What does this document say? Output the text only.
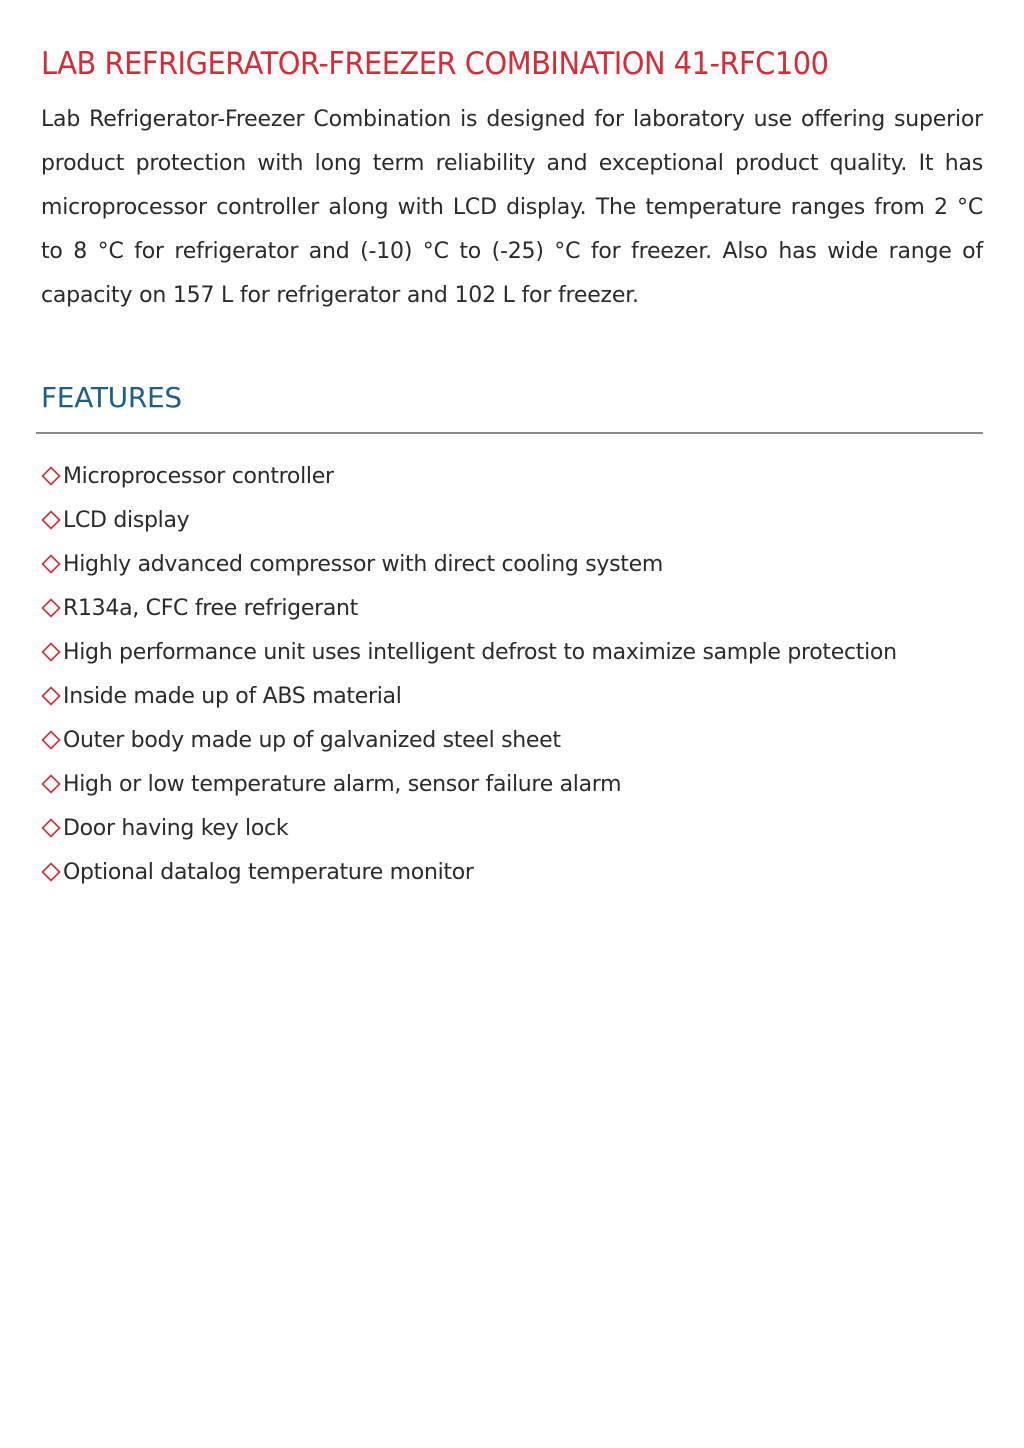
LAB REFRIGERATOR-FREEZER COMBINATION 41-RFC100

Lab Refrigerator-Freezer Combination is designed for laboratory use offering superior
product protection with long term reliability and exceptional product quality. It has
microprocessor controller along with LCD display. The temperature ranges from 2 °C
to 8 °C for refrigerator and (-10) °C to (-25) °C for freezer. Also has wide range of
capacity on 157 L for refrigerator and 102 L for freezer.

FEATURES
Microprocessor controller
LCD display
Highly advanced compressor with direct cooling system
R134a, CFC free refrigerant
High performance unit uses intelligent defrost to maximize sample protection
Inside made up of ABS material
Outer body made up of galvanized steel sheet
High or low temperature alarm, sensor failure alarm
Door having key lock
Optional datalog temperature monitor
